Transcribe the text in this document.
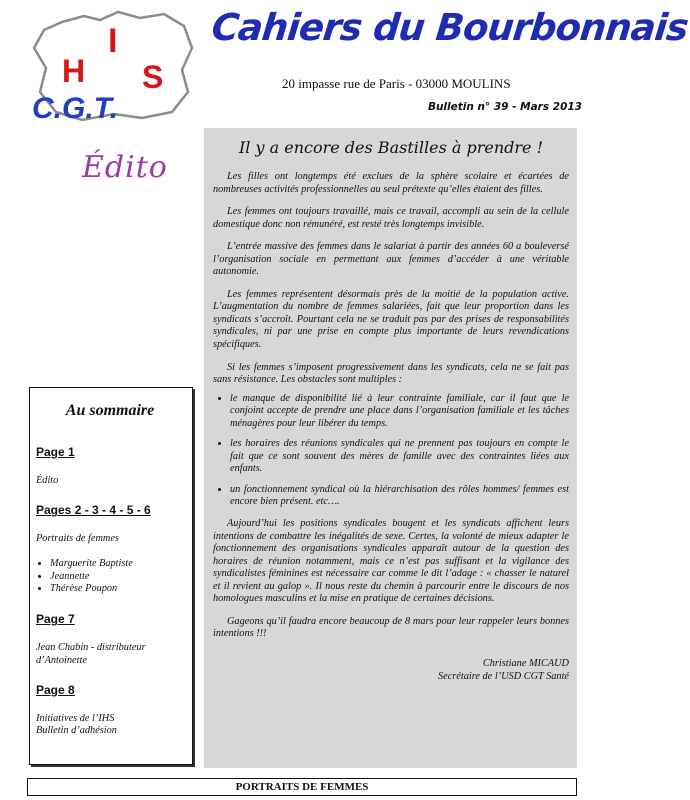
I
H S
C.G.T.
Cahiers du Bourbonnais
20 impasse rue de Paris - 03000 MOULINS
Bulletin n° 39 - Mars 2013
Édito
Il y a encore des Bastilles à prendre !

Les filles ont longtemps été exclues de la sphère scolaire et écartées de nombreuses activités professionnelles au seul prétexte qu’elles étaient des filles.

Les femmes ont toujours travaillé, mais ce travail, accompli au sein de la cellule domestique donc non rémunéré, est resté très longtemps invisible.

L’entrée massive des femmes dans le salariat à partir des années 60 a bouleversé l’organisation sociale en permettant aux femmes d’accéder à une véritable autonomie.

Les femmes représentent désormais près de la moitié de la population active. L’augmentation du nombre de femmes salariées, fait que leur proportion dans les syndicats s’accroît. Pourtant cela ne se traduit pas par des prises de responsabilités syndicales, ni par une prise en compte plus importante de leurs revendications spécifiques.

Si les femmes s’imposent progressivement dans les syndicats, cela ne se fait pas sans résistance. Les obstacles sont multiples :

• le manque de disponibilité lié à leur contrainte familiale, car il faut que le conjoint accepte de prendre une place dans l’organisation familiale et les tâches ménagères pour leur libérer du temps.
• les horaires des réunions syndicales qui ne prennent pas toujours en compte le fait que ce sont souvent des mères de famille avec des contraintes liées aux enfants.
• un fonctionnement syndical où la hiérarchisation des rôles hommes/ femmes est encore bien présent. etc….

Aujourd’hui les positions syndicales bougent et les syndicats affichent leurs intentions de combattre les inégalités de sexe. Certes, la volonté de mieux adapter le fonctionnement des organisations syndicales apparaît autour de la question des horaires de réunion notamment, mais ce n’est pas suffisant et la vigilance des syndicalistes féminines est nécessaire car comme le dit l’adage : « chasser le naturel et il revient au galop ». Il nous reste du chemin à parcourir entre le discours de nos homologues masculins et la mise en pratique de certaines décisions.

Gageons qu’il faudra encore beaucoup de 8 mars pour leur rappeler leurs bonnes intentions !!!

Christiane MICAUD
Secrétaire de l’USD CGT Santé
Au sommaire
Page 1
Édito
Pages 2 - 3 - 4 - 5 - 6
Portraits de femmes
• Marguerite Baptiste
• Jeannette
• Thérèse Poupon
Page 7
Jean Chabin - distributeur d’Antoinette
Page 8
Initiatives de l’IHS
Bulletin d’adhésion
PORTRAITS DE FEMMES
